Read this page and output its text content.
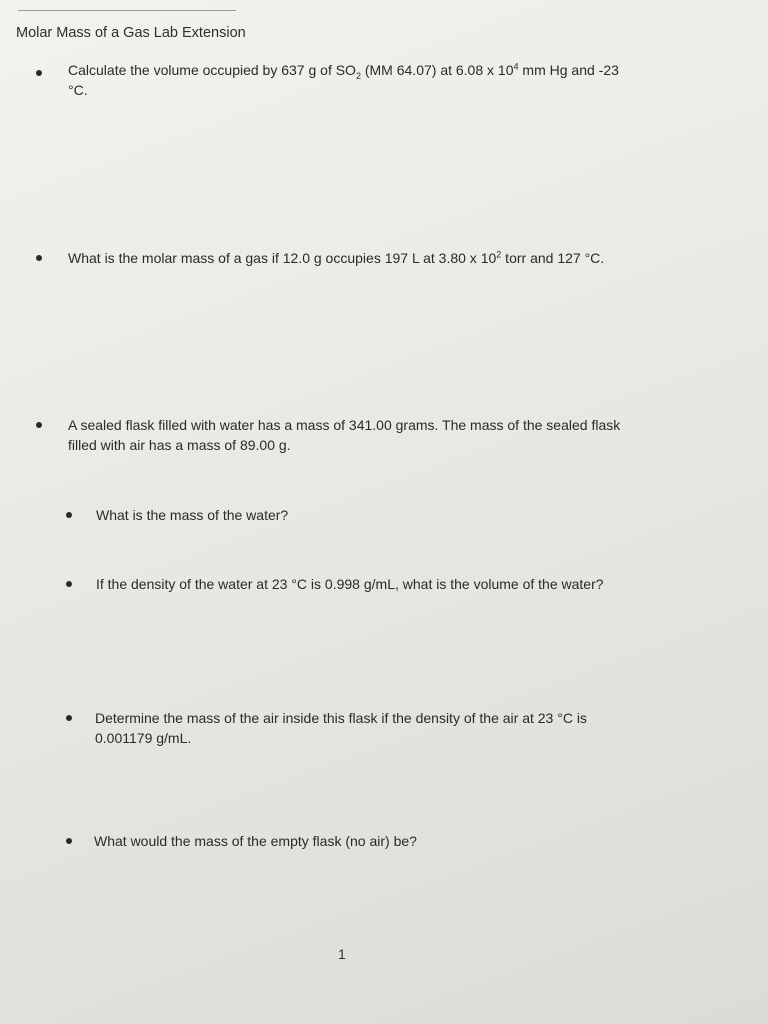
Molar Mass of a Gas Lab Extension
Calculate the volume occupied by 637 g of $SO_2$ (MM 64.07) at 6.08 x $10^4$ mm Hg and -23
°C.
What is the molar mass of a gas if 12.0 g occupies 197 L at 3.80 x $10^2$ torr and 127 °C.
A sealed flask filled with water has a mass of 341.00 grams. The mass of the sealed flask
filled with air has a mass of 89.00 g.
What is the mass of the water?
If the density of the water at 23 °C is 0.998 g/mL, what is the volume of the water?
Determine the mass of the air inside this flask if the density of the air at 23 °C is
0.001179 g/mL.
What would the mass of the empty flask (no air) be?
1
